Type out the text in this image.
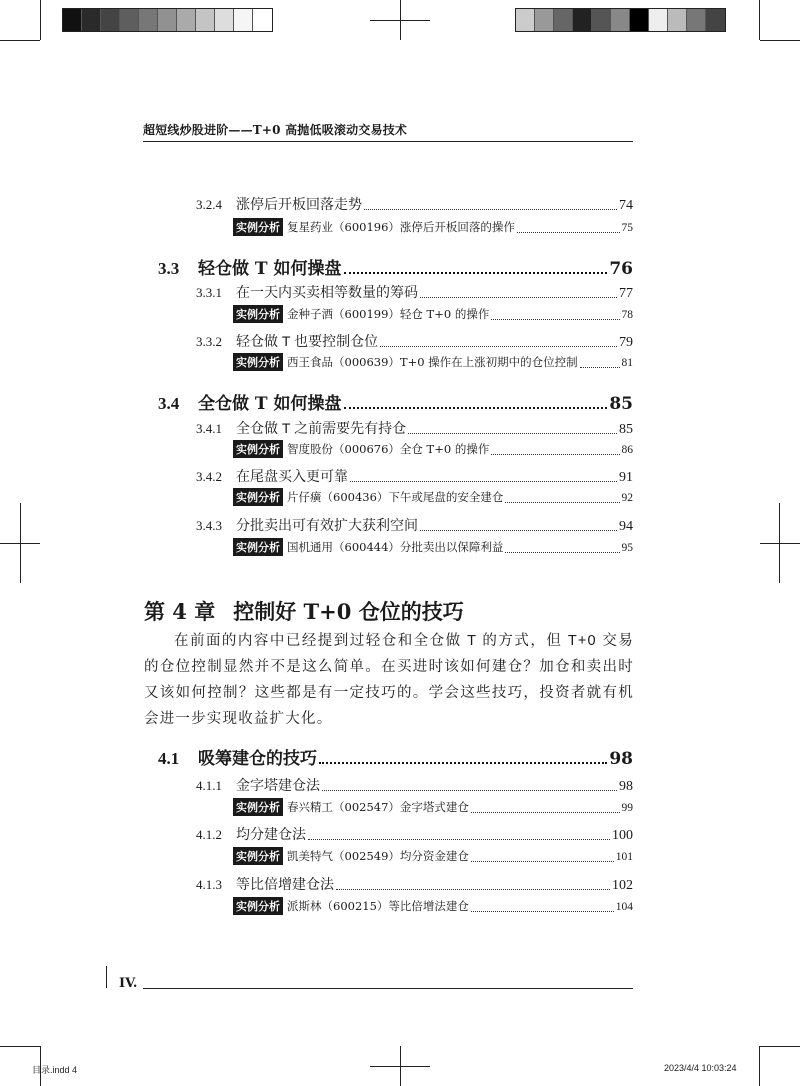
超短线炒股进阶——T+0 高抛低吸滚动交易技术
3.2.4	涨停后开板回落走势	74
实例分析 复星药业（600196）涨停后开板回落的操作	75
3.3	轻仓做 T 如何操盘	76
3.3.1	在一天内买卖相等数量的筹码	77
实例分析 金种子酒（600199）轻仓 T+0 的操作	78
3.3.2	轻仓做 T 也要控制仓位	79
实例分析 西王食品（000639）T+0 操作在上涨初期中的仓位控制	81
3.4	全仓做 T 如何操盘	85
3.4.1	全仓做 T 之前需要先有持仓	85
实例分析 智度股份（000676）全仓 T+0 的操作	86
3.4.2	在尾盘买入更可靠	91
实例分析 片仔癀（600436）下午或尾盘的安全建仓	92
3.4.3	分批卖出可有效扩大获利空间	94
实例分析 国机通用（600444）分批卖出以保障利益	95
第 4 章 控制好 T+0 仓位的技巧
在前面的内容中已经提到过轻仓和全仓做 T 的方式，但 T+0 交易的仓位控制显然并不是这么简单。在买进时该如何建仓？加仓和卖出时又该如何控制？这些都是有一定技巧的。学会这些技巧，投资者就有机会进一步实现收益扩大化。
4.1	吸筹建仓的技巧	98
4.1.1	金字塔建仓法	98
实例分析 春兴精工（002547）金字塔式建仓	99
4.1.2	均分建仓法	100
实例分析 凯美特气（002549）均分资金建仓	101
4.1.3	等比倍增建仓法	102
实例分析 派斯林（600215）等比倍增法建仓	104
IV.
目录.indd 4	2023/4/4 10:03:24
